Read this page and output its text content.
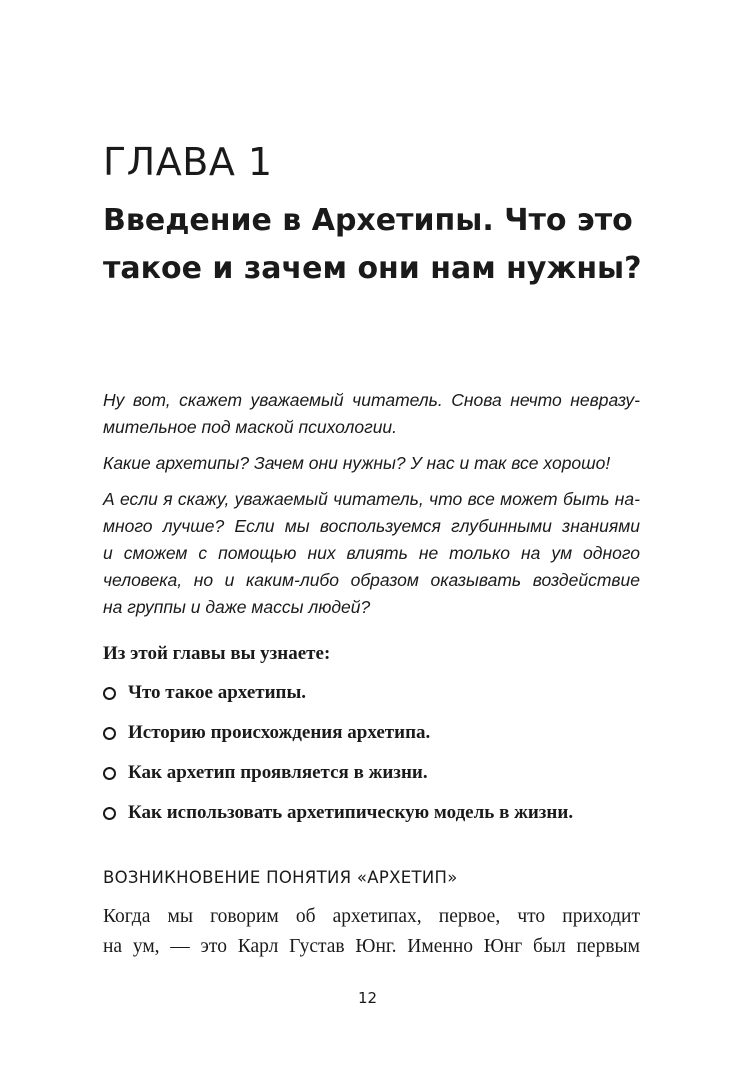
ГЛАВА 1
Введение в Архетипы. Что это
такое и зачем они нам нужны?
Ну вот, скажет уважаемый читатель. Снова нечто невразу-
мительное под маской психологии.
Какие архетипы? Зачем они нужны? У нас и так все хорошо!
А если я скажу, уважаемый читатель, что все может быть на-
много лучше? Если мы воспользуемся глубинными знаниями
и сможем с помощью них влиять не только на ум одного
человека, но и каким-либо образом оказывать воздействие
на группы и даже массы людей?
Из этой главы вы узнаете:
Что такое архетипы.
Историю происхождения архетипа.
Как архетип проявляется в жизни.
Как использовать архетипическую модель в жизни.
ВОЗНИКНОВЕНИЕ ПОНЯТИЯ «АРХЕТИП»
Когда мы говорим об архетипах, первое, что приходит
на ум, — это Карл Густав Юнг. Именно Юнг был первым
12
